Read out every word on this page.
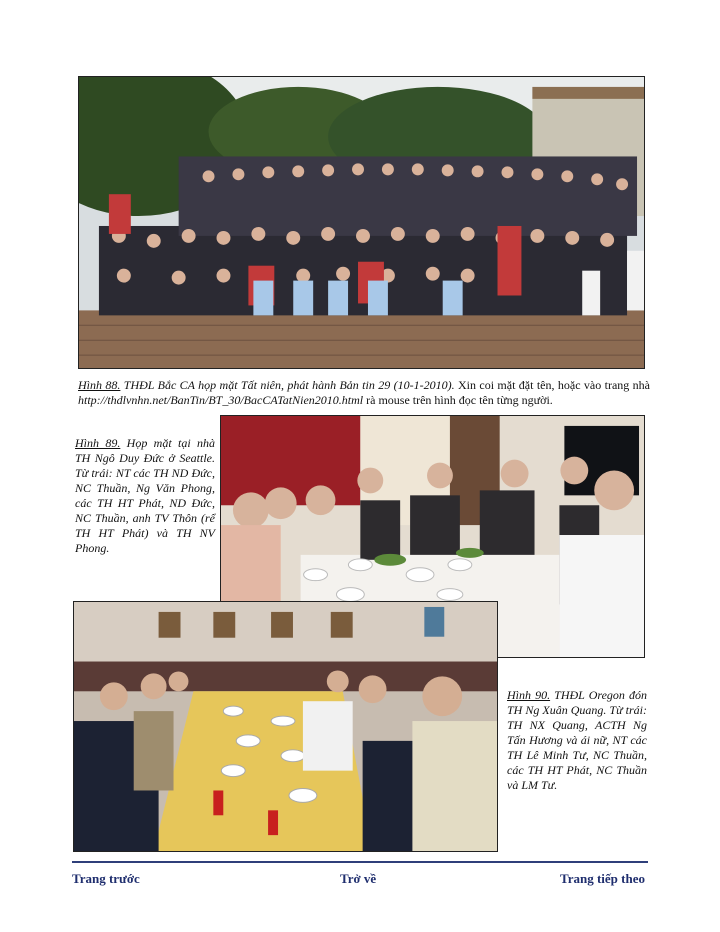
Hình 88. THĐL Bắc CA họp mặt Tất niên, phát hành Bản tin 29 (10-1-2010). Xin coi mặt đặt tên, hoặc vào trang nhà http://thdlvnhn.net/BanTin/BT_30/BacCATatNien2010.html rà mouse trên hình đọc tên từng người.
Hình 89. Họp mặt tại nhà TH Ngô Duy Đức ở Seattle. Từ trái: NT các TH ND Đức, NC Thuần, Ng Văn Phong, các TH HT Phát, ND Đức, NC Thuần, anh TV Thôn (rể TH HT Phát) và TH NV Phong.
Hình 90. THĐL Oregon đón TH Ng Xuân Quang. Từ trái: TH NX Quang, ACTH Ng Tấn Hương và ái nữ, NT các TH Lê Minh Tư, NC Thuần, các TH HT Phát, NC Thuần và LM Tư.
Trang trước	Trở về	Trang tiếp theo
